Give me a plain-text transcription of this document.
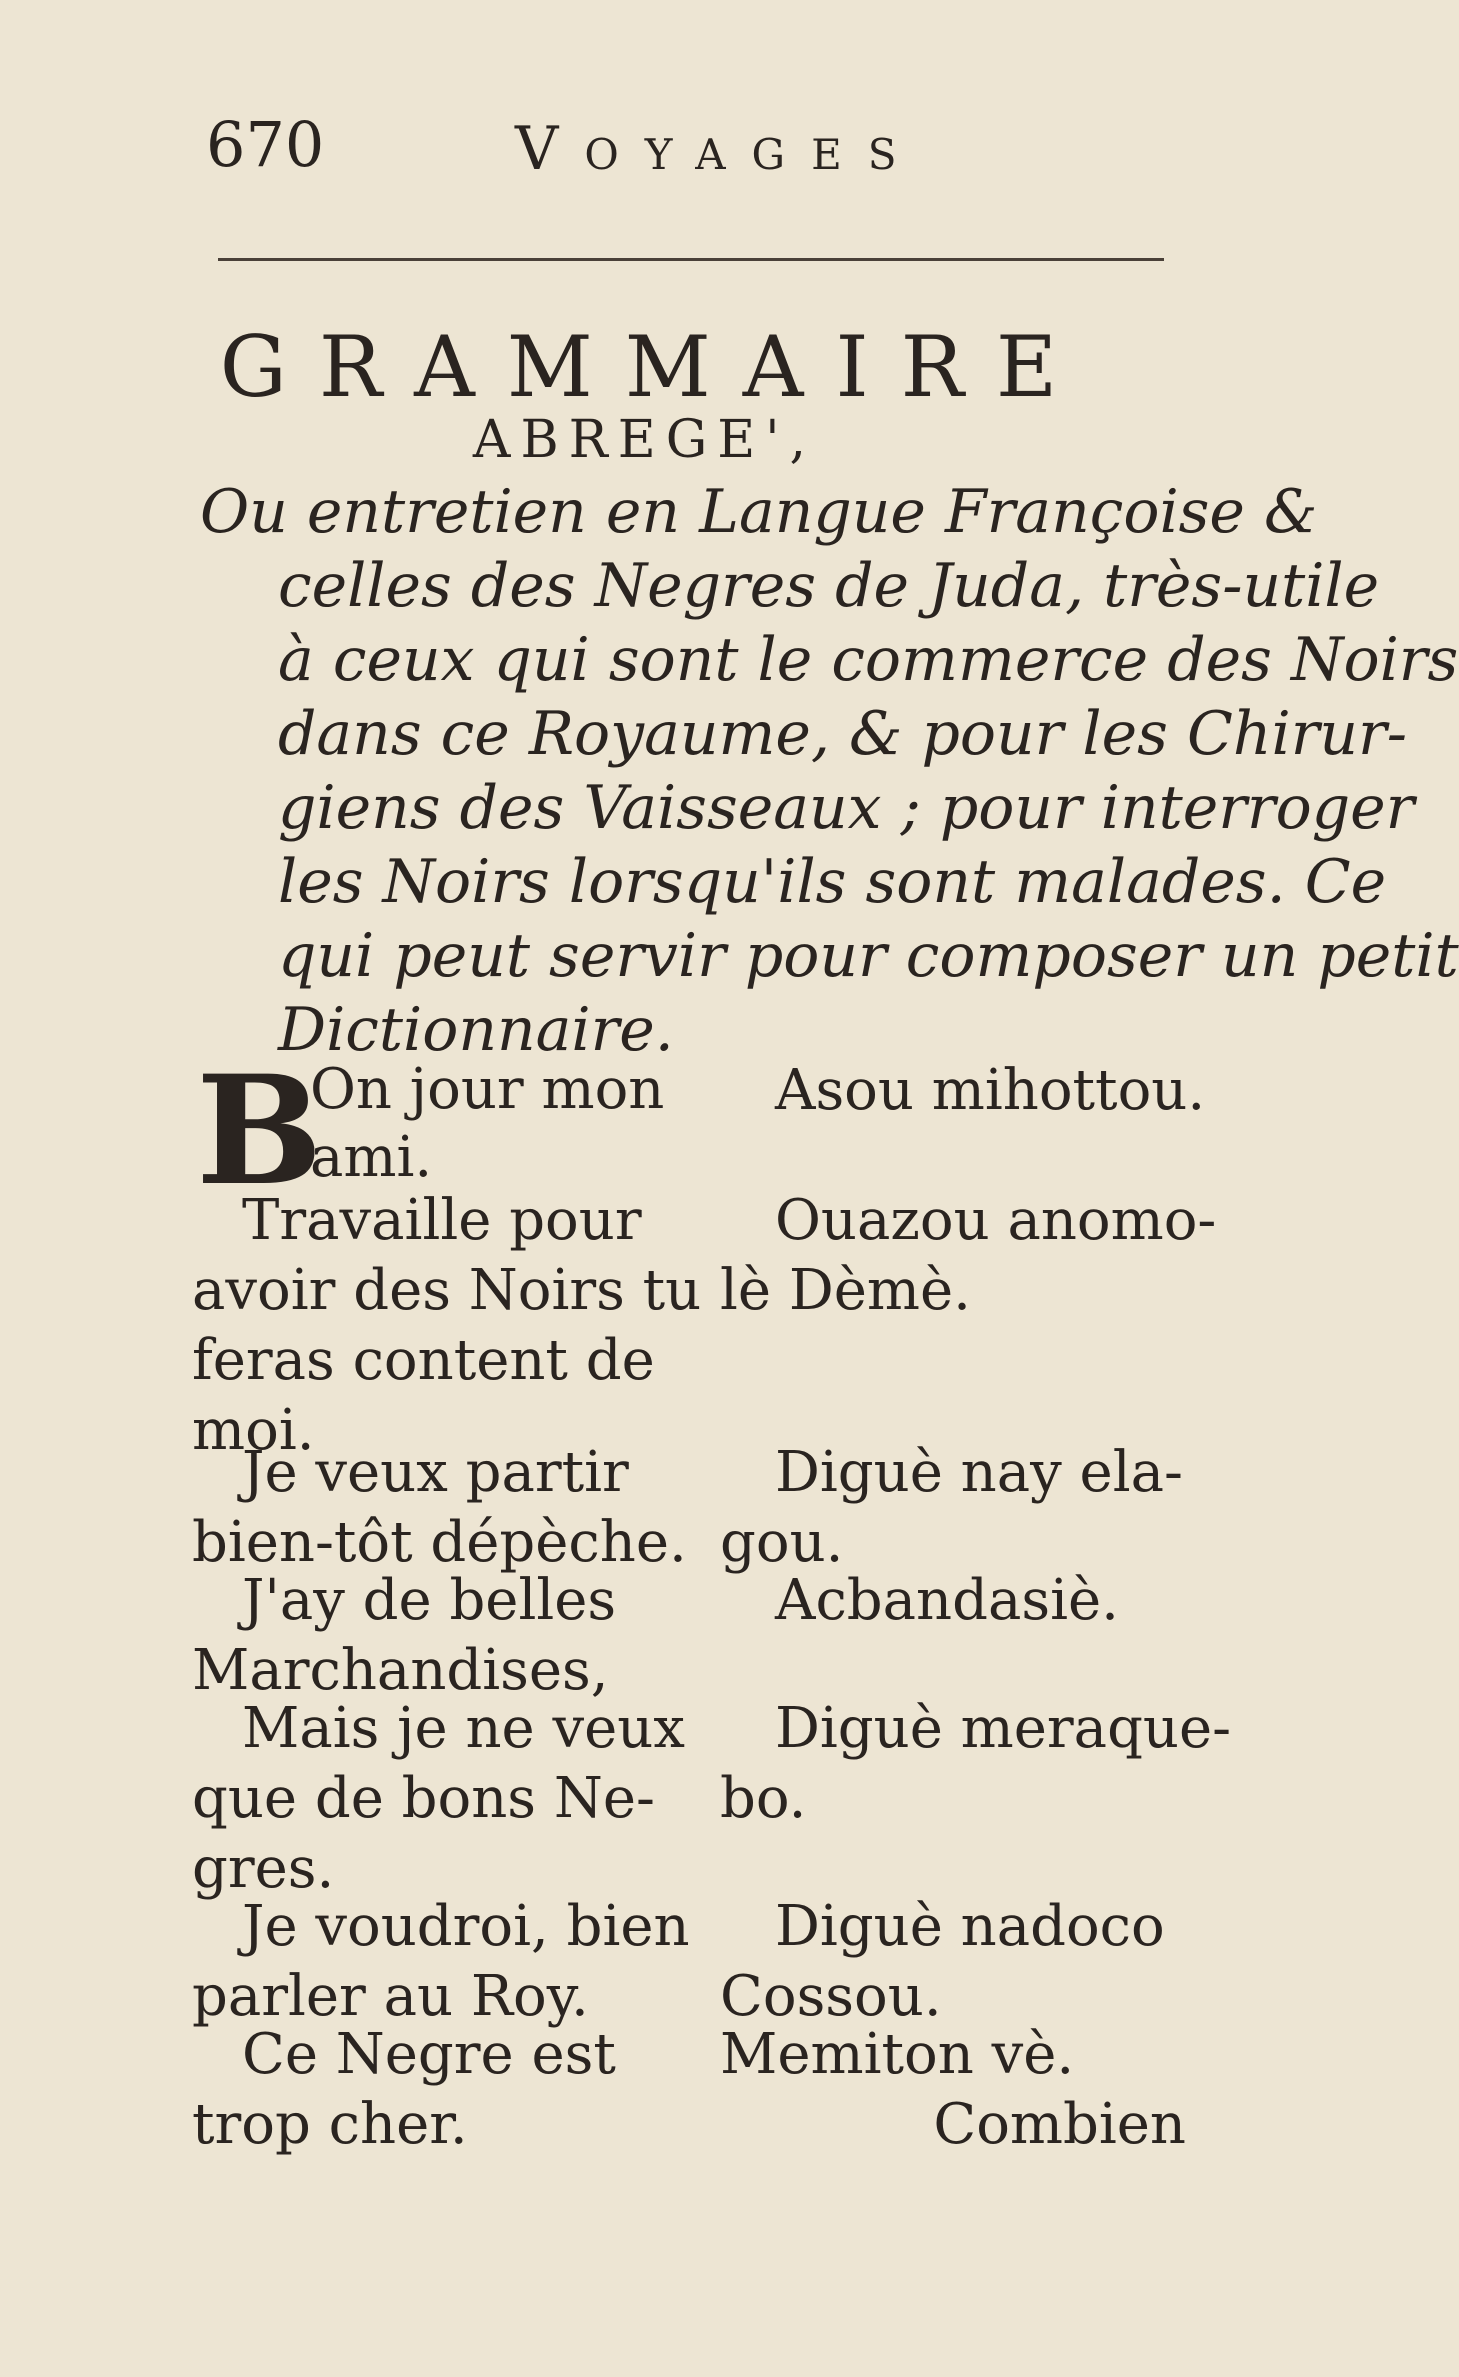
670	Voyages
GRAMMAIRE
ABREGE',

Ou entretien en Langue Françoise &

celles des Negres de Juda, très-utile

à ceux qui sont le commerce des Noirs

dans ce Royaume, & pour les Chirur-

giens des Vaisseaux ; pour interroger

les Noirs lorsqu'ils sont malades. Ce

qui peut servir pour composer un petit

Dictionnaire.

B

On jour mon

ami.

Asou mihottou.

Travaille pour

avoir des Noirs tu

feras content de

moi.

Ouazou anomo-

lè Dèmè.

Je veux partir

bien-tôt dépèche.

Diguè nay ela-

gou.

J'ay de belles

Marchandises,

Acbandasiè.

Mais je ne veux

que de bons Ne-

gres.

Diguè meraque-

bo.

Je voudroi, bien

parler au Roy.

Diguè nadoco

Cossou.

Ce Negre est

trop cher.

Memiton vè.

Combien
